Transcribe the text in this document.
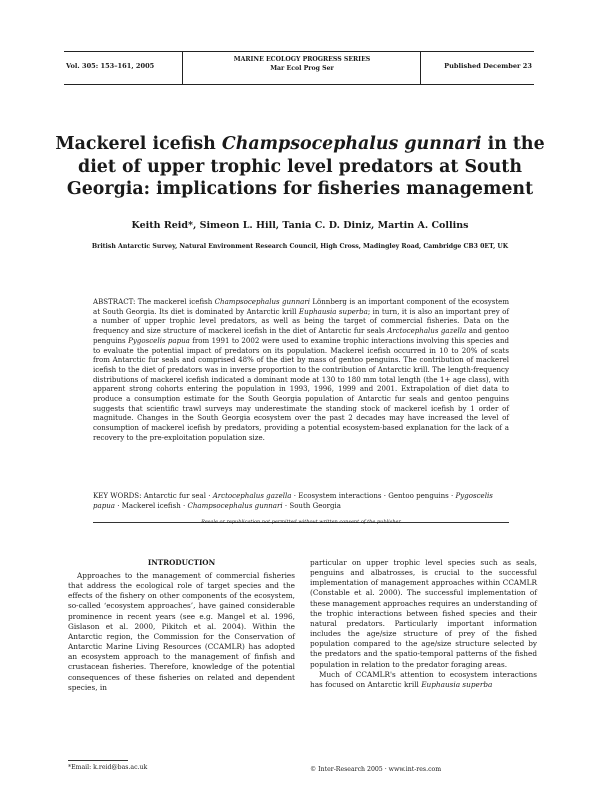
Vol. 305: 153–161, 2005
MARINE ECOLOGY PROGRESS SERIES
Mar Ecol Prog Ser	Published December 23
Mackerel icefish Champsocephalus gunnari in the diet of upper trophic level predators at South Georgia: implications for fisheries management
Keith Reid*, Simeon L. Hill, Tania C. D. Diniz, Martin A. Collins
British Antarctic Survey, Natural Environment Research Council, High Cross, Madingley Road, Cambridge CB3 0ET, UK
ABSTRACT: The mackerel icefish Champsocephalus gunnari Lönnberg is an important component of the ecosystem at South Georgia. Its diet is dominated by Antarctic krill Euphausia superba; in turn, it is also an important prey of a number of upper trophic level predators, as well as being the target of commercial fisheries. Data on the frequency and size structure of mackerel icefish in the diet of Antarctic fur seals Arctocephalus gazella and gentoo penguins Pygoscelis papua from 1991 to 2002 were used to examine trophic interactions involving this species and to evaluate the potential impact of predators on its population. Mackerel icefish occurred in 10 to 20% of scats from Antarctic fur seals and comprised 48% of the diet by mass of gentoo penguins. The contribution of mackerel icefish to the diet of predators was in inverse proportion to the contribution of Antarctic krill. The length-frequency distributions of mackerel icefish indicated a dominant mode at 130 to 180 mm total length (the 1+ age class), with apparent strong cohorts entering the population in 1993, 1996, 1999 and 2001. Extrapolation of diet data to produce a consumption estimate for the South Georgia population of Antarctic fur seals and gentoo penguins suggests that scientific trawl surveys may underestimate the standing stock of mackerel icefish by 1 order of magnitude. Changes in the South Georgia ecosystem over the past 2 decades may have increased the level of consumption of mackerel icefish by predators, providing a potential ecosystem-based explanation for the lack of a recovery to the pre-exploitation population size.
KEY WORDS: Antarctic fur seal · Arctocephalus gazella · Ecosystem interactions · Gentoo penguins · Pygoscelis papua · Mackerel icefish · Champsocephalus gunnari · South Georgia
Resale or republication not permitted without written consent of the publisher
INTRODUCTION

Approaches to the management of commercial fisheries that address the ecological role of target species and the effects of the fishery on other components of the ecosystem, so-called ‘ecosystem approaches’, have gained considerable prominence in recent years (see e.g. Mangel et al. 1996, Gislason et al. 2000, Pikitch et al. 2004). Within the Antarctic region, the Commission for the Conservation of Antarctic Marine Living Resources (CCAMLR) has adopted an ecosystem approach to the management of finfish and crustacean fisheries. Therefore, knowledge of the potential consequences of these fisheries on related and dependent species, in

particular on upper trophic level species such as seals, penguins and albatrosses, is crucial to the successful implementation of management approaches within CCAMLR (Constable et al. 2000). The successful implementation of these management approaches requires an understanding of the trophic interactions between fished species and their natural predators. Particularly important information includes the age/size structure of prey of the fished population compared to the age/size structure selected by the predators and the spatio-temporal patterns of the fished population in relation to the predator foraging areas.

Much of CCAMLR's attention to ecosystem interactions has focused on Antarctic krill Euphausia superba

*Email: k.reid@bas.ac.uk	© Inter-Research 2005 · www.int-res.com
